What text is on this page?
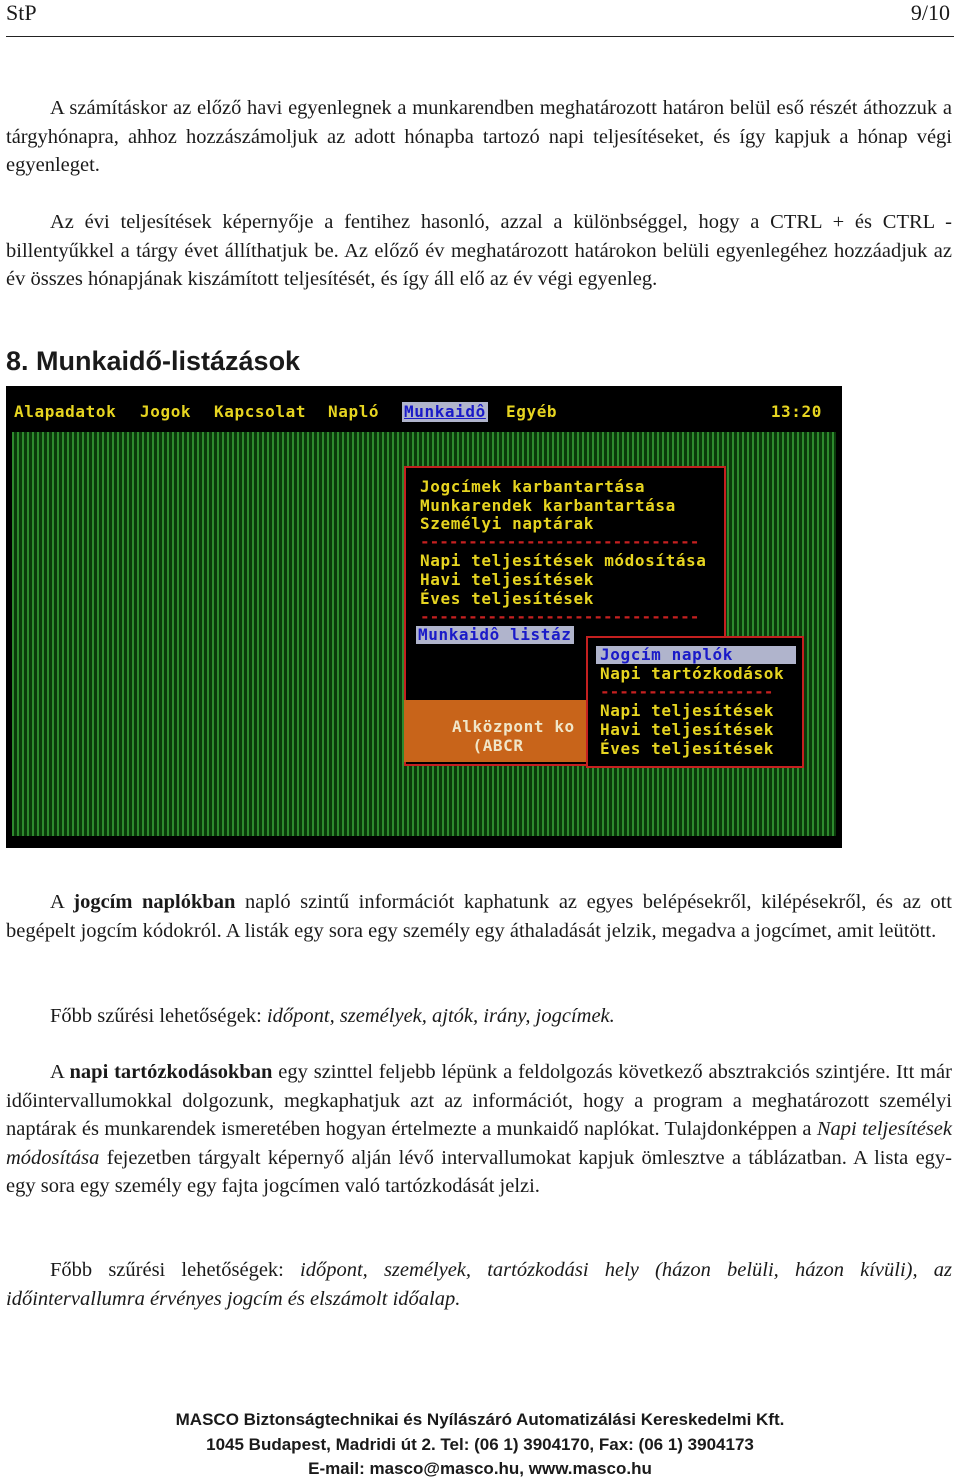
StP	9/10

A számításkor az előző havi egyenlegnek a munkarendben meghatározott határon belül eső részét áthozzuk a tárgyhónapra, ahhoz hozzászámoljuk az adott hónapba tartozó napi teljesítéseket, és így kapjuk a hónap végi egyenleget.

Az évi teljesítések képernyője a fentihez hasonló, azzal a különbséggel, hogy a CTRL + és CTRL - billentyűkkel a tárgy évet állíthatjuk be. Az előző év meghatározott határokon belüli egyenlegéhez hozzáadjuk az év összes hónapjának kiszámított teljesítését, és így áll elő az év végi egyenleg.

8. Munkaidő-listázások
Alapadatok Jogok Kapcsolat Napló Munkaidô Egyéb	13:20
Jogcímek karbantartása
Munkarendek karbantartása
Személyi naptárak
-----------------------------
Napi teljesítések módosítása
Havi teljesítések
Éves teljesítések
-----------------------------
Munkaidô listáz
Alközpont ko
(ABCR
Jogcím naplók
Napi tartózkodások
------------------
Napi teljesítések
Havi teljesítések
Éves teljesítések

A jogcím naplókban napló szintű információt kaphatunk az egyes belépésekről, kilépésekről, és az ott begépelt jogcím kódokról. A listák egy sora egy személy egy áthaladását jelzik, megadva a jogcímet, amit leütött.

Főbb szűrési lehetőségek: időpont, személyek, ajtók, irány, jogcímek.

A napi tartózkodásokban egy szinttel feljebb lépünk a feldolgozás következő absztrakciós szintjére. Itt már időintervallumokkal dolgozunk, megkaphatjuk azt az információt, hogy a program a meghatározott személyi naptárak és munkarendek ismeretében hogyan értelmezte a munkaidő naplókat. Tulajdonképpen a Napi teljesítések módosítása fejezetben tárgyalt képernyő alján lévő intervallumokat kapjuk ömlesztve a táblázatban. A lista egy-egy sora egy személy egy fajta jogcímen való tartózkodását jelzi.

Főbb szűrési lehetőségek: időpont, személyek, tartózkodási hely (házon belüli, házon kívüli), az időintervallumra érvényes jogcím és elszámolt időalap.

MASCO Biztonságtechnikai és Nyílászáró Automatizálási Kereskedelmi Kft.
1045 Budapest, Madridi út 2. Tel: (06 1) 3904170, Fax: (06 1) 3904173
E-mail: masco@masco.hu, www.masco.hu
